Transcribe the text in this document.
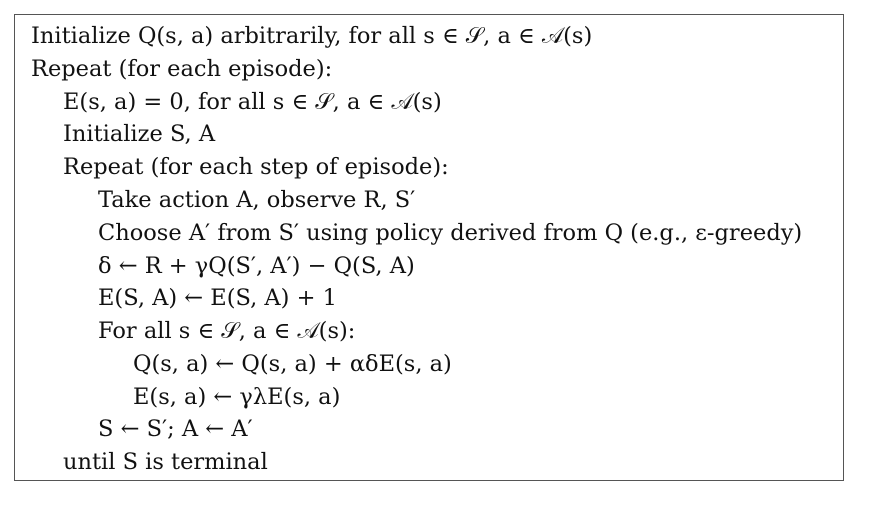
Initialize Q(s, a) arbitrarily, for all s ∈ 𝒮, a ∈ 𝒜(s)
Repeat (for each episode):
E(s, a) = 0, for all s ∈ 𝒮, a ∈ 𝒜(s)
Initialize S, A
Repeat (for each step of episode):
Take action A, observe R, S′
Choose A′ from S′ using policy derived from Q (e.g., ε-greedy)
δ ← R + γQ(S′, A′) − Q(S, A)
E(S, A) ← E(S, A) + 1
For all s ∈ 𝒮, a ∈ 𝒜(s):
Q(s, a) ← Q(s, a) + αδE(s, a)
E(s, a) ← γλE(s, a)
S ← S′; A ← A′
until S is terminal
